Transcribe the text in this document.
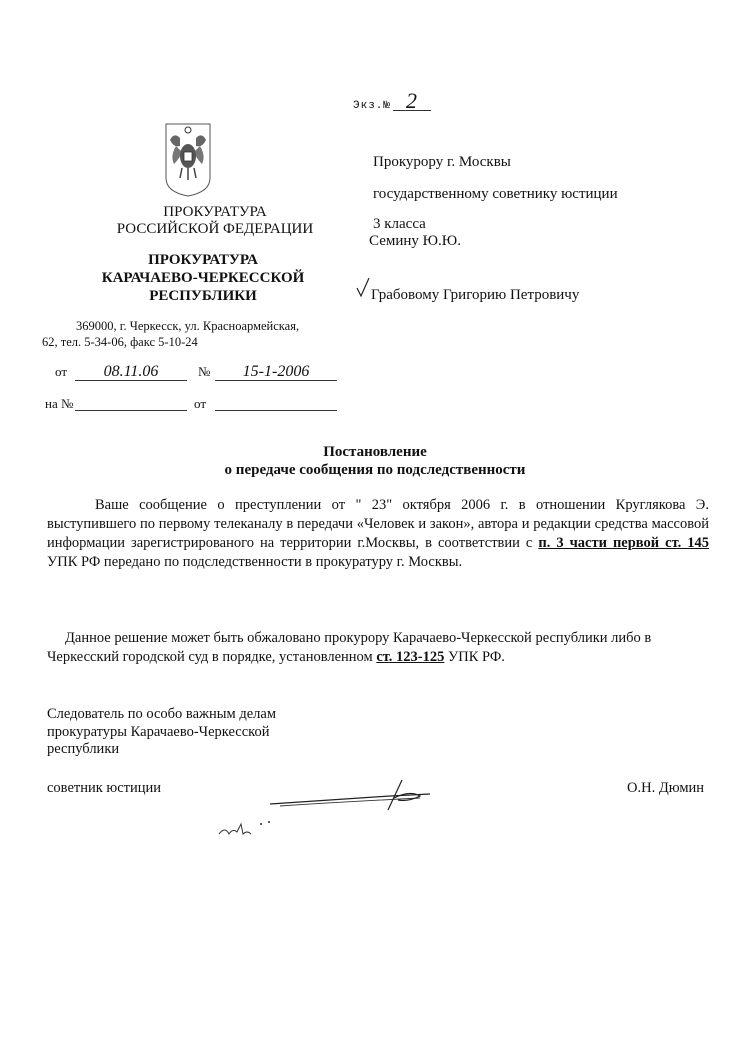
Экз.№ 2
ПРОКУРАТУРА
РОССИЙСКОЙ ФЕДЕРАЦИИ
ПРОКУРАТУРА
КАРАЧАЕВО-ЧЕРКЕССКОЙ
РЕСПУБЛИКИ
369000, г. Черкесск, ул. Красноармейская,
62, тел. 5-34-06, факс 5-10-24
от	08.11.06	№	15-1-2006
на №	от
Прокурору г. Москвы
государственному советнику юстиции
3 класса
Семину Ю.Ю.
Грабовому Григорию Петровичу
Постановление
о передаче сообщения по подследственности
Ваше сообщение о преступлении от " 23" октября 2006 г. в отношении Круглякова Э. выступившего по первому телеканалу в передачи «Человек и закон», автора и редакции средства массовой информации зарегистрированого на территории г.Москвы, в соответствии с п. 3 части первой ст. 145 УПК РФ передано по подследственности в прокуратуру г. Москвы.
Данное решение может быть обжаловано прокурору Карачаево-Черкесской республики либо в Черкесский городской суд в порядке, установленном ст. 123-125 УПК РФ.
Следователь по особо важным делам
прокуратуры Карачаево-Черкесской
республики
советник юстиции	О.Н. Дюмин
